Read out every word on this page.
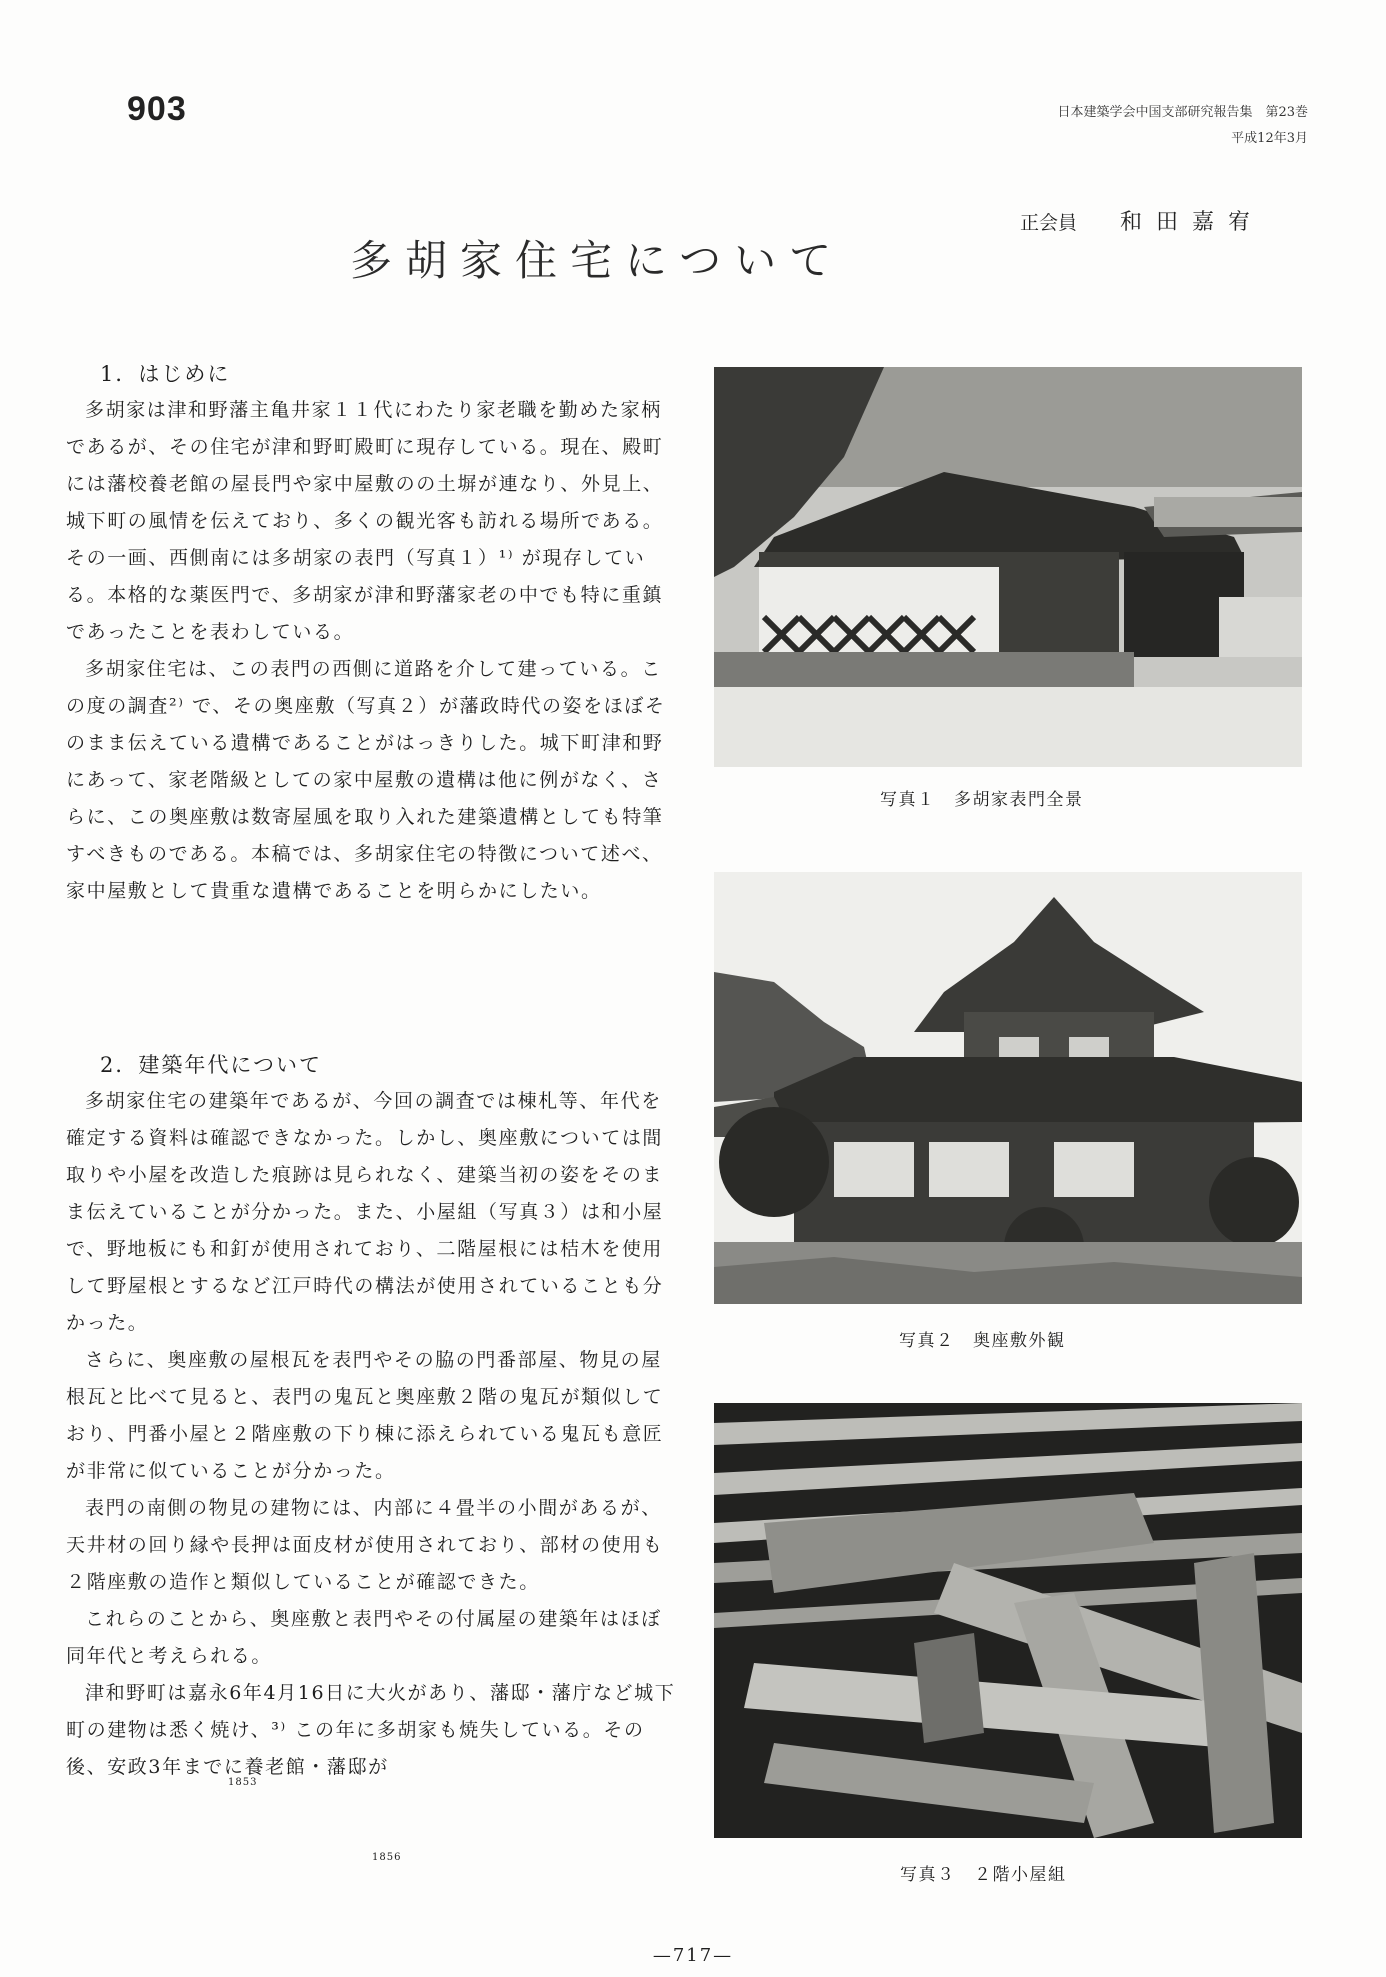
903	日本建築学会中国支部研究報告集　第23巻
平成12年3月
正会員 和田嘉宥
多胡家住宅について
1．はじめに

多胡家は津和野藩主亀井家１１代にわたり家老職を勤めた家柄であるが、その住宅が津和野町殿町に現存している。現在、殿町には藩校養老館の屋長門や家中屋敷のの土塀が連なり、外見上、城下町の風情を伝えており、多くの観光客も訪れる場所である。その一画、西側南には多胡家の表門（写真１）¹⁾ が現存している。本格的な薬医門で、多胡家が津和野藩家老の中でも特に重鎮であったことを表わしている。

多胡家住宅は、この表門の西側に道路を介して建っている。この度の調査²⁾ で、その奥座敷（写真２）が藩政時代の姿をほぼそのまま伝えている遺構であることがはっきりした。城下町津和野にあって、家老階級としての家中屋敷の遺構は他に例がなく、さらに、この奥座敷は数寄屋風を取り入れた建築遺構としても特筆すべきものである。本稿では、多胡家住宅の特徴について述べ、家中屋敷として貴重な遺構であることを明らかにしたい。

2．建築年代について

多胡家住宅の建築年であるが、今回の調査では棟札等、年代を確定する資料は確認できなかった。しかし、奥座敷については間取りや小屋を改造した痕跡は見られなく、建築当初の姿をそのまま伝えていることが分かった。また、小屋組（写真３）は和小屋で、野地板にも和釘が使用されており、二階屋根には桔木を使用して野屋根とするなど江戸時代の構法が使用されていることも分かった。

さらに、奥座敷の屋根瓦を表門やその脇の門番部屋、物見の屋根瓦と比べて見ると、表門の鬼瓦と奥座敷２階の鬼瓦が類似しており、門番小屋と２階座敷の下り棟に添えられている鬼瓦も意匠が非常に似ていることが分かった。

表門の南側の物見の建物には、内部に４畳半の小間があるが、天井材の回り縁や長押は面皮材が使用されており、部材の使用も２階座敷の造作と類似していることが確認できた。

これらのことから、奥座敷と表門やその付属屋の建築年はほぼ同年代と考えられる。

津和野町は嘉永6年4月16日に大火があり、藩邸・藩庁など城下町の建物は悉く焼け、³⁾ この年に多胡家も焼失している。その後、安政3年までに養老館・藩邸が

1853
1856
写真１　多胡家表門全景
写真２　奥座敷外観
写真３　２階小屋組
—717—
